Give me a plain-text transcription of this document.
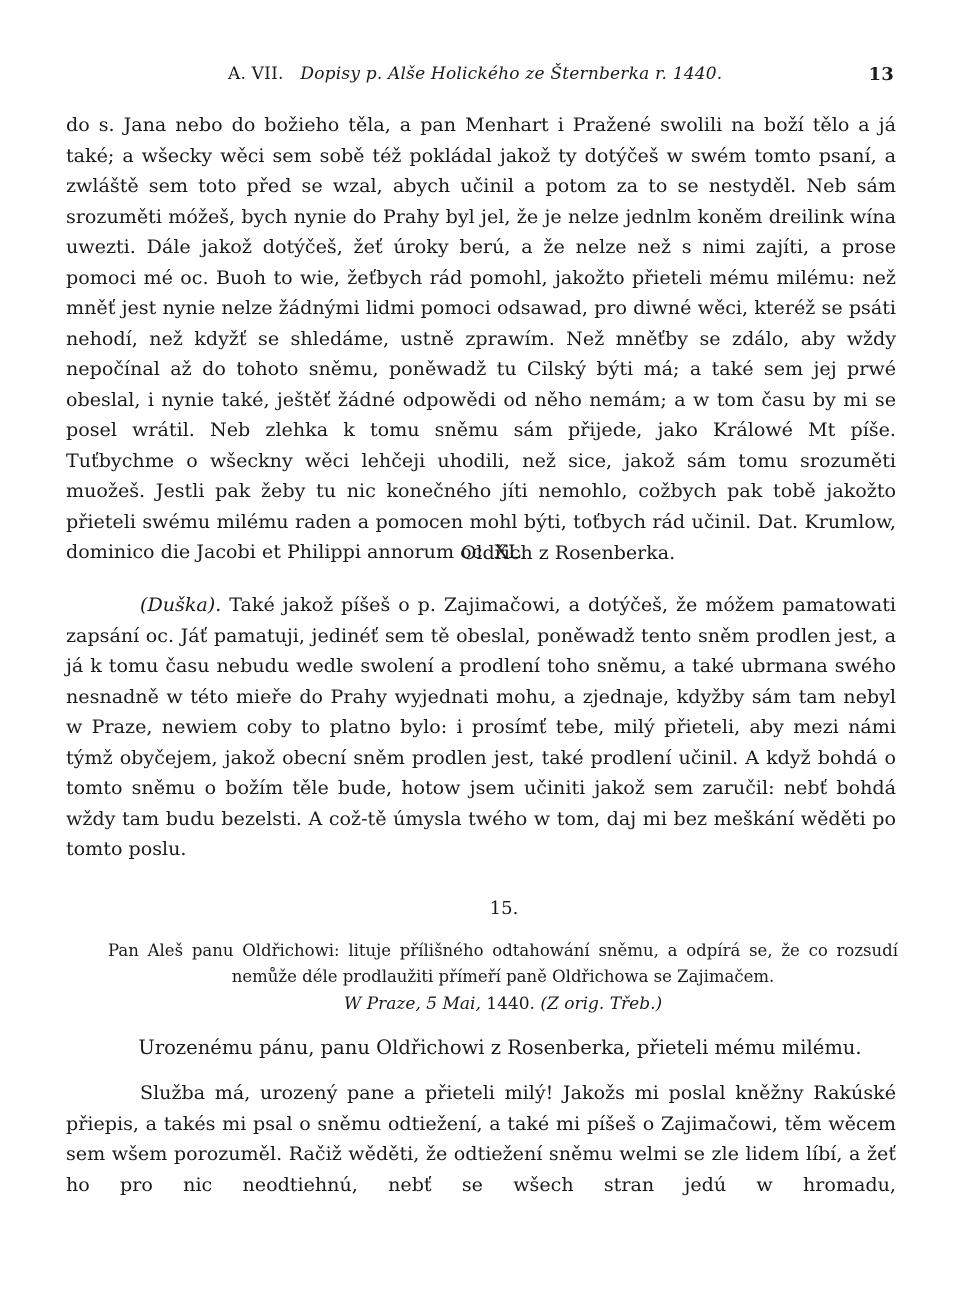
A. VII. Dopisy p. Alše Holického ze Šternberka r. 1440.	13

do s. Jana nebo do božieho těla, a pan Menhart i Pražené swolili na boží tělo a já také; a wšecky wěci sem sobě též pokládal jakož ty dotýčeš w swém tomto psaní, a zwláště sem toto před se wzal, abych učinil a potom za to se nestyděl. Neb sám srozuměti móžeš, bych nynie do Prahy byl jel, že je nelze jednlm koněm dreilink wína uwezti. Dále jakož dotýčeš, žeť úroky berú, a že nelze než s nimi zajíti, a prose pomoci mé oc. Buoh to wie, žeťbych rád pomohl, jakožto přieteli mému milému: než mněť jest nynie nelze žádnými lidmi pomoci odsawad, pro diwné wěci, kteréž se psáti nehodí, než kdyžť se shledáme, ustně zprawím. Než mněťby se zdálo, aby wždy nepočínal až do tohoto sněmu, poněwadž tu Cilský býti má; a také sem jej prwé obeslal, i nynie také, ještěť žádné odpowědi od něho nemám; a w tom času by mi se posel wrátil. Neb zlehka k tomu sněmu sám přijede, jako Králowé Mt píše. Tuťbychme o wšeckny wěci lehčeji uhodili, než sice, jakož sám tomu srozuměti muožeš. Jestli pak žeby tu nic konečného jíti nemohlo, cožbych pak tobě jakožto přieteli swému milému raden a pomocen mohl býti, toťbych rád učinil. Dat. Krumlow, dominico die Jacobi et Philippi annorum oc. XL.

Oldřich z Rosenberka.

(Duška). Také jakož píšeš o p. Zajimačowi, a dotýčeš, že móžem pamatowati zapsání oc. Jáť pamatuji, jedinéť sem tě obeslal, poněwadž tento sněm prodlen jest, a já k tomu času nebudu wedle swolení a prodlení toho sněmu, a také ubrmana swého nesnadně w této mieře do Prahy wyjednati mohu, a zjednaje, kdyžby sám tam nebyl w Praze, newiem coby to platno bylo: i prosímť tebe, milý přieteli, aby mezi námi týmž obyčejem, jakož obecní sněm prodlen jest, také prodlení učinil. A když bohdá o tomto sněmu o božím těle bude, hotow jsem učiniti jakož sem zaručil: nebť bohdá wždy tam budu bezelsti. A což-tě úmysla twého w tom, daj mi bez meškání wěděti po tomto poslu.

15.
Pan Aleš panu Oldřichowi: lituje přílišného odtahowání sněmu, a odpírá se, že co rozsudí nemůže déle prodlaužiti přímeří paně Oldřichowa se Zajimačem.
W Praze, 5 Mai, 1440. (Z orig. Třeb.)
Urozenému pánu, panu Oldřichowi z Rosenberka, přieteli mému milému.

Služba má, urozený pane a přieteli milý! Jakožs mi poslal kněžny Rakúské přiepis, a takés mi psal o sněmu odtiežení, a také mi píšeš o Zajimačowi, těm wěcem sem wšem porozuměl. Račiž wěděti, že odtiežení sněmu welmi se zle lidem líbí, a žeť ho pro nic neodtiehnú, nebť se wšech stran jedú w hromadu,
